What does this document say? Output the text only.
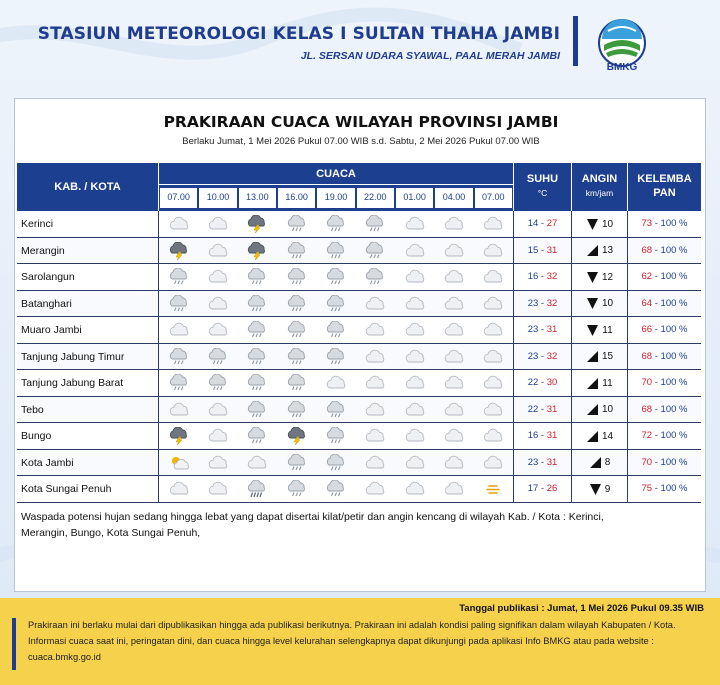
STASIUN METEOROLOGI KELAS I SULTAN THAHA JAMBI
JL. SERSAN UDARA SYAWAL, PAAL MERAH JAMBI
BMKG
PRAKIRAAN CUACA WILAYAH PROVINSI JAMBI
Berlaku Jumat, 1 Mei 2026 Pukul 07.00 WIB s.d. Sabtu, 2 Mei 2026 Pukul 07.00 WIB
KAB. / KOTA
CUACA
07.00	10.00	13.00	16.00	19.00	22.00	01.00	04.00	07.00
SUHU
°C
ANGIN
km/jam
KELEMBA
PAN
Kerinci	14 - 27	10	73 - 100 %
Merangin	15 - 31	13	68 - 100 %
Sarolangun	16 - 32	12	62 - 100 %
Batanghari	23 - 32	10	64 - 100 %
Muaro Jambi	23 - 31	11	66 - 100 %
Tanjung Jabung Timur	23 - 32	15	68 - 100 %
Tanjung Jabung Barat	22 - 30	11	70 - 100 %
Tebo	22 - 31	10	68 - 100 %
Bungo	16 - 31	14	72 - 100 %
Kota Jambi	23 - 31	8	70 - 100 %
Kota Sungai Penuh	17 - 26	9	75 - 100 %
Waspada potensi hujan sedang hingga lebat yang dapat disertai kilat/petir dan angin kencang di wilayah Kab. / Kota : Kerinci, Merangin, Bungo, Kota Sungai Penuh,
Tanggal publikasi : Jumat, 1 Mei 2026 Pukul 09.35 WIB
Prakiraan ini berlaku mulai dari dipublikasikan hingga ada publikasi berikutnya. Prakiraan ini adalah kondisi paling signifikan dalam wilayah Kabupaten / Kota. Informasi cuaca saat ini, peringatan dini, dan cuaca hingga level kelurahan selengkapnya dapat dikunjungi pada aplikasi Info BMKG atau pada website : cuaca.bmkg.go.id
